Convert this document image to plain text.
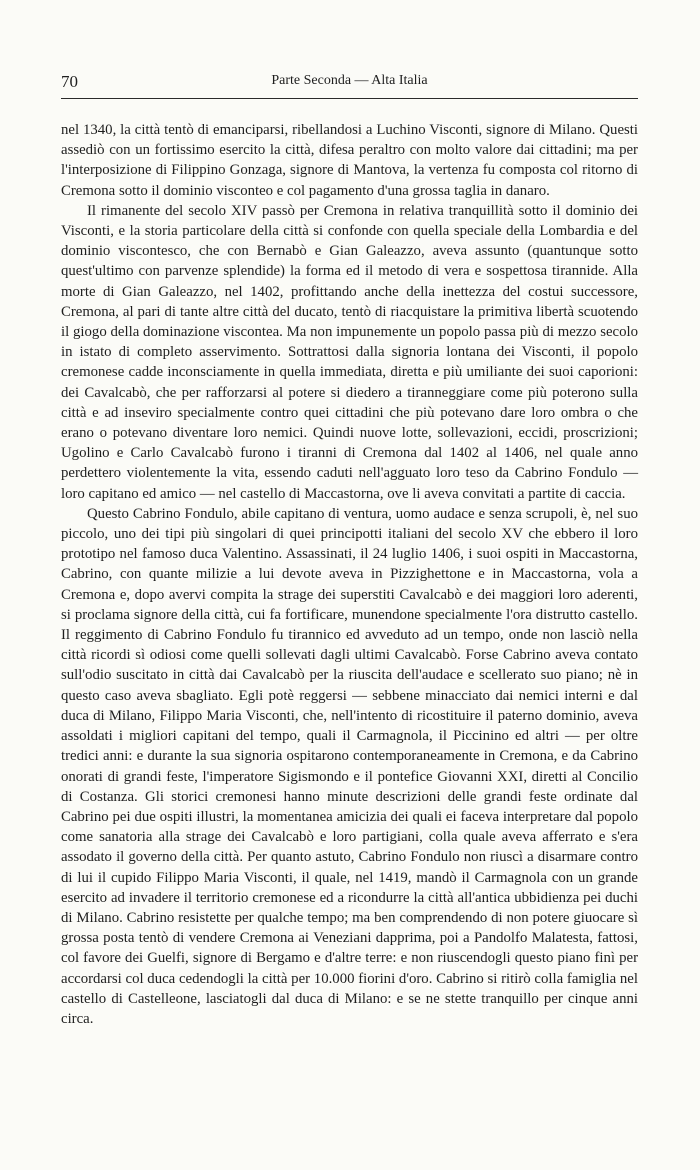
70	Parte Seconda — Alta Italia

nel 1340, la città tentò di emanciparsi, ribellandosi a Luchino Visconti, signore di Milano. Questi assediò con un fortissimo esercito la città, difesa peraltro con molto valore dai cittadini; ma per l'interposizione di Filippino Gonzaga, signore di Mantova, la vertenza fu composta col ritorno di Cremona sotto il dominio visconteo e col pagamento d'una grossa taglia in danaro.

Il rimanente del secolo XIV passò per Cremona in relativa tranquillità sotto il dominio dei Visconti, e la storia particolare della città si confonde con quella speciale della Lombardia e del dominio viscontesco, che con Bernabò e Gian Galeazzo, aveva assunto (quantunque sotto quest'ultimo con parvenze splendide) la forma ed il metodo di vera e sospettosa tirannide. Alla morte di Gian Galeazzo, nel 1402, profittando anche della inettezza del costui successore, Cremona, al pari di tante altre città del ducato, tentò di riacquistare la primitiva libertà scuotendo il giogo della dominazione viscontea. Ma non impunemente un popolo passa più di mezzo secolo in istato di completo asservimento. Sottrattosi dalla signoria lontana dei Visconti, il popolo cremonese cadde inconsciamente in quella immediata, diretta e più umiliante dei suoi caporioni: dei Cavalcabò, che per rafforzarsi al potere si diedero a tiranneggiare come più poterono sulla città e ad inseviro specialmente contro quei cittadini che più potevano dare loro ombra o che erano o potevano diventare loro nemici. Quindi nuove lotte, sollevazioni, eccidi, proscrizioni; Ugolino e Carlo Cavalcabò furono i tiranni di Cremona dal 1402 al 1406, nel quale anno perdettero violentemente la vita, essendo caduti nell'agguato loro teso da Cabrino Fondulo — loro capitano ed amico — nel castello di Maccastorna, ove li aveva convitati a partite di caccia.

Questo Cabrino Fondulo, abile capitano di ventura, uomo audace e senza scrupoli, è, nel suo piccolo, uno dei tipi più singolari di quei principotti italiani del secolo XV che ebbero il loro prototipo nel famoso duca Valentino. Assassinati, il 24 luglio 1406, i suoi ospiti in Maccastorna, Cabrino, con quante milizie a lui devote aveva in Pizzighettone e in Maccastorna, vola a Cremona e, dopo avervi compita la strage dei superstiti Cavalcabò e dei maggiori loro aderenti, si proclama signore della città, cui fa fortificare, munendone specialmente l'ora distrutto castello. Il reggimento di Cabrino Fondulo fu tirannico ed avveduto ad un tempo, onde non lasciò nella città ricordi sì odiosi come quelli sollevati dagli ultimi Cavalcabò. Forse Cabrino aveva contato sull'odio suscitato in città dai Cavalcabò per la riuscita dell'audace e scellerato suo piano; nè in questo caso aveva sbagliato. Egli potè reggersi — sebbene minacciato dai nemici interni e dal duca di Milano, Filippo Maria Visconti, che, nell'intento di ricostituire il paterno dominio, aveva assoldati i migliori capitani del tempo, quali il Carmagnola, il Piccinino ed altri — per oltre tredici anni: e durante la sua signoria ospitarono contemporaneamente in Cremona, e da Cabrino onorati di grandi feste, l'imperatore Sigismondo e il pontefice Giovanni XXI, diretti al Concilio di Costanza. Gli storici cremonesi hanno minute descrizioni delle grandi feste ordinate dal Cabrino pei due ospiti illustri, la momentanea amicizia dei quali ei faceva interpretare dal popolo come sanatoria alla strage dei Cavalcabò e loro partigiani, colla quale aveva afferrato e s'era assodato il governo della città. Per quanto astuto, Cabrino Fondulo non riuscì a disarmare contro di lui il cupido Filippo Maria Visconti, il quale, nel 1419, mandò il Carmagnola con un grande esercito ad invadere il territorio cremonese ed a ricondurre la città all'antica ubbidienza pei duchi di Milano. Cabrino resistette per qualche tempo; ma ben comprendendo di non potere giuocare sì grossa posta tentò di vendere Cremona ai Veneziani dapprima, poi a Pandolfo Malatesta, fattosi, col favore dei Guelfi, signore di Bergamo e d'altre terre: e non riuscendogli questo piano finì per accordarsi col duca cedendogli la città per 10.000 fiorini d'oro. Cabrino si ritirò colla famiglia nel castello di Castelleone, lasciatogli dal duca di Milano: e se ne stette tranquillo per cinque anni circa.
